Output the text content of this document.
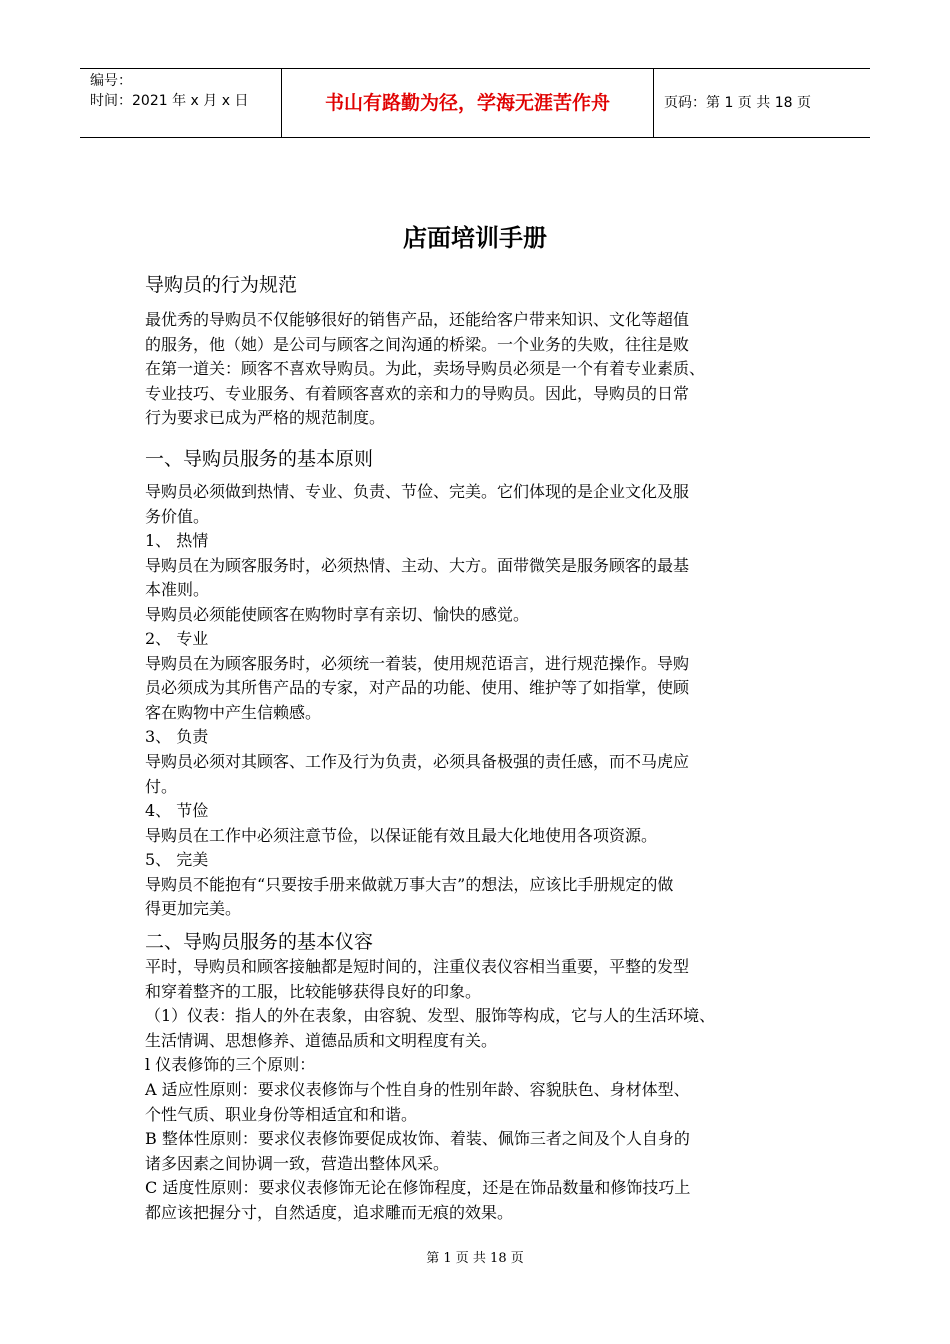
编号：
时间：2021 年 x 月 x 日	书山有路勤为径，学海无涯苦作舟	页码：第 1 页 共 18 页
店面培训手册
导购员的行为规范
最优秀的导购员不仅能够很好的销售产品，还能给客户带来知识、文化等超值
的服务，他（她）是公司与顾客之间沟通的桥梁。一个业务的失败，往往是败
在第一道关：顾客不喜欢导购员。为此，卖场导购员必须是一个有着专业素质、
专业技巧、专业服务、有着顾客喜欢的亲和力的导购员。因此，导购员的日常
行为要求已成为严格的规范制度。
一、导购员服务的基本原则
导购员必须做到热情、专业、负责、节俭、完美。它们体现的是企业文化及服
务价值。
1、 热情
导购员在为顾客服务时，必须热情、主动、大方。面带微笑是服务顾客的最基
本准则。
导购员必须能使顾客在购物时享有亲切、愉快的感觉。
2、 专业
导购员在为顾客服务时，必须统一着装，使用规范语言，进行规范操作。导购
员必须成为其所售产品的专家，对产品的功能、使用、维护等了如指掌，使顾
客在购物中产生信赖感。
3、 负责
导购员必须对其顾客、工作及行为负责，必须具备极强的责任感，而不马虎应
付。
4、 节俭
导购员在工作中必须注意节俭，以保证能有效且最大化地使用各项资源。
5、 完美
导购员不能抱有“只要按手册来做就万事大吉”的想法，应该比手册规定的做
得更加完美。
二、导购员服务的基本仪容
平时，导购员和顾客接触都是短时间的，注重仪表仪容相当重要，平整的发型
和穿着整齐的工服，比较能够获得良好的印象。
（1）仪表：指人的外在表象，由容貌、发型、服饰等构成，它与人的生活环境、
生活情调、思想修养、道德品质和文明程度有关。
l 仪表修饰的三个原则：
A 适应性原则：要求仪表修饰与个性自身的性别年龄、容貌肤色、身材体型、
个性气质、职业身份等相适宜和和谐。
B 整体性原则：要求仪表修饰要促成妆饰、着装、佩饰三者之间及个人自身的
诸多因素之间协调一致，营造出整体风采。
C 适度性原则：要求仪表修饰无论在修饰程度，还是在饰品数量和修饰技巧上
都应该把握分寸，自然适度，追求雕而无痕的效果。
第 1 页 共 18 页
